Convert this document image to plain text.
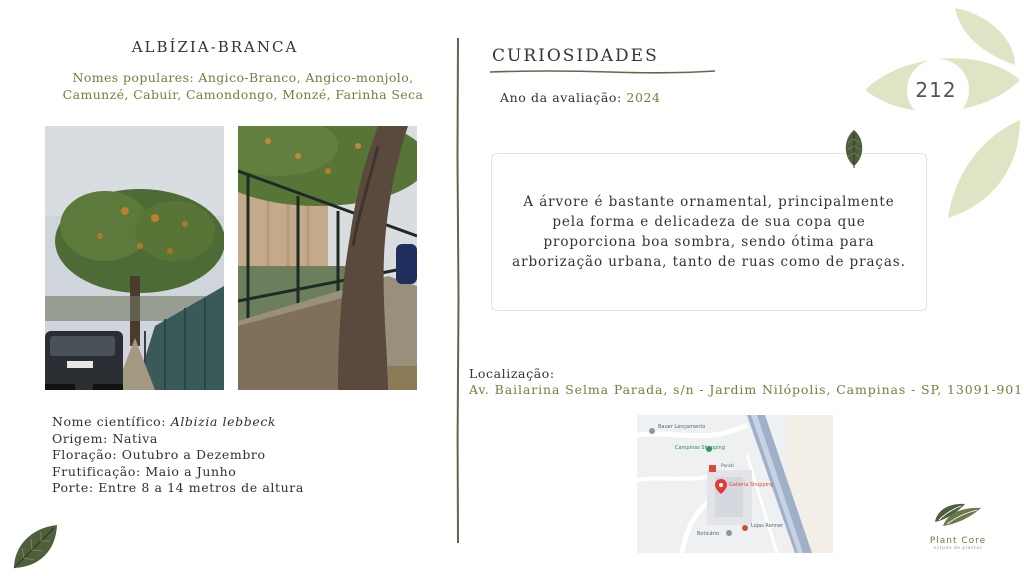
ALBÍZIA-BRANCA
Nomes populares: Angico-Branco, Angico-monjolo, Camunzé, Cabuir, Camondongo, Monzé, Farinha Seca
Nome científico: Albizia lebbeck
Origem: Nativa
Floração: Outubro a Dezembro
Frutificação: Maio a Junho
Porte: Entre 8 a 14 metros de altura
CURIOSIDADES
Ano da avaliação: 2024
A árvore é bastante ornamental, principalmente pela forma e delicadeza de sua copa que proporciona boa sombra, sendo ótima para arborização urbana, tanto de ruas como de praças.
Localização:
Av. Bailarina Selma Parada, s/n - Jardim Nilópolis, Campinas - SP, 13091-901
Bauer Lançamento
Campinas Shopping
Parati
Galleria Shopping
Lojas Renner
Boticário
212
Plant Core
estudo de plantas
